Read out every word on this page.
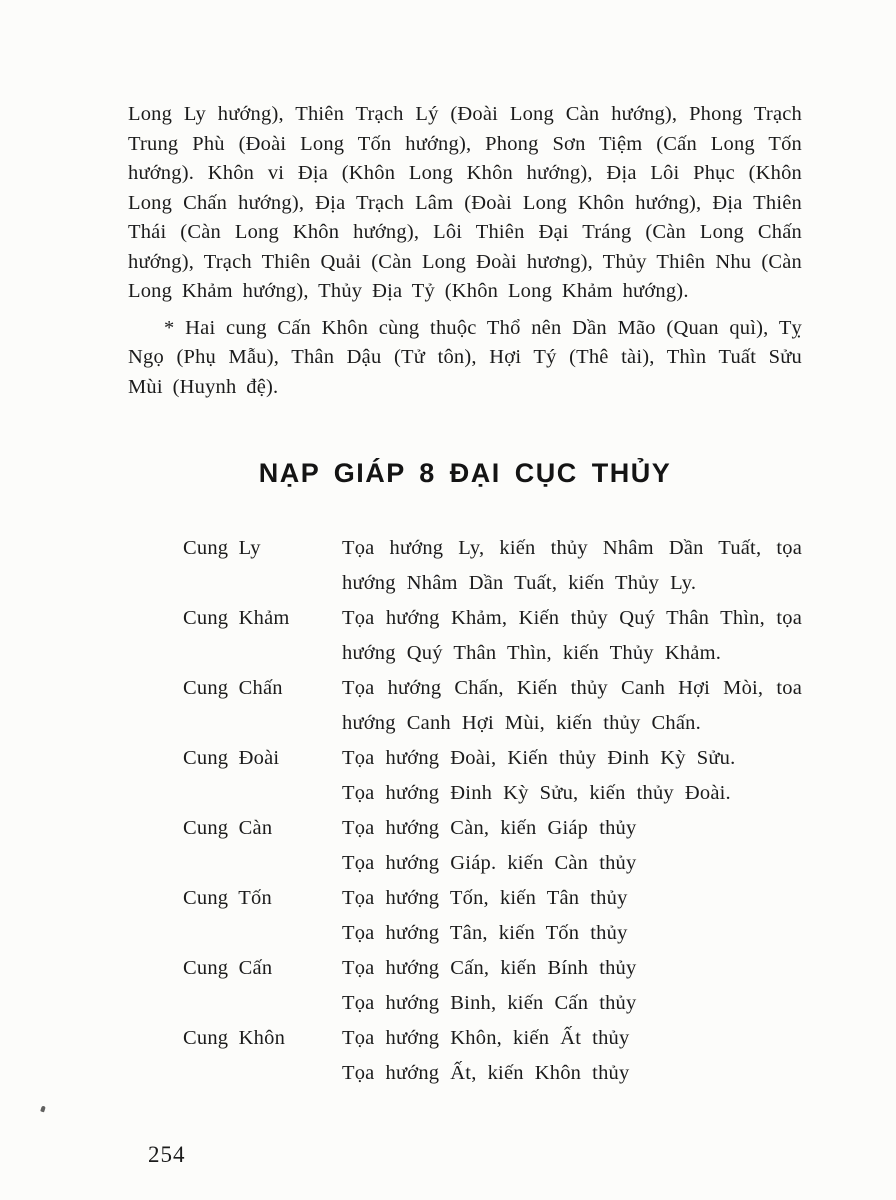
Long Ly hướng), Thiên Trạch Lý (Đoài Long Càn hướng), Phong Trạch Trung Phù (Đoài Long Tốn hướng), Phong Sơn Tiệm (Cấn Long Tốn hướng). Khôn vi Địa (Khôn Long Khôn hướng), Địa Lôi Phục (Khôn Long Chấn hướng), Địa Trạch Lâm (Đoài Long Khôn hướng), Địa Thiên Thái (Càn Long Khôn hướng), Lôi Thiên Đại Tráng (Càn Long Chấn hướng), Trạch Thiên Quải (Càn Long Đoài hương), Thủy Thiên Nhu (Càn Long Khảm hướng), Thủy Địa Tỷ (Khôn Long Khảm hướng).

* Hai cung Cấn Khôn cùng thuộc Thổ nên Dần Mão (Quan quì), Tỵ Ngọ (Phụ Mẫu), Thân Dậu (Tử tôn), Hợi Tý (Thê tài), Thìn Tuất Sửu Mùi (Huynh đệ).

NẠP GIÁP 8 ĐẠI CỤC THỦY
Cung Ly	Tọa hướng Ly, kiến thủy Nhâm Dần Tuất, tọa hướng Nhâm Dần Tuất, kiến Thủy Ly.
Cung Khảm	Tọa hướng Khảm, Kiến thủy Quý Thân Thìn, tọa hướng Quý Thân Thìn, kiến Thủy Khảm.
Cung Chấn	Tọa hướng Chấn, Kiến thủy Canh Hợi Mòi, toa hướng Canh Hợi Mùi, kiến thủy Chấn.
Cung Đoài	Tọa hướng Đoài, Kiến thủy Đinh Kỳ Sửu.
Tọa hướng Đinh Kỳ Sửu, kiến thủy Đoài.
Cung Càn	Tọa hướng Càn, kiến Giáp thủy
Tọa hướng Giáp. kiến Càn thủy
Cung Tốn	Tọa hướng Tốn, kiến Tân thủy
Tọa hướng Tân, kiến Tốn thủy
Cung Cấn	Tọa hướng Cấn, kiến Bính thủy
Tọa hướng Binh, kiến Cấn thủy
Cung Khôn	Tọa hướng Khôn, kiến Ất thủy
Tọa hướng Ất, kiến Khôn thủy
254
